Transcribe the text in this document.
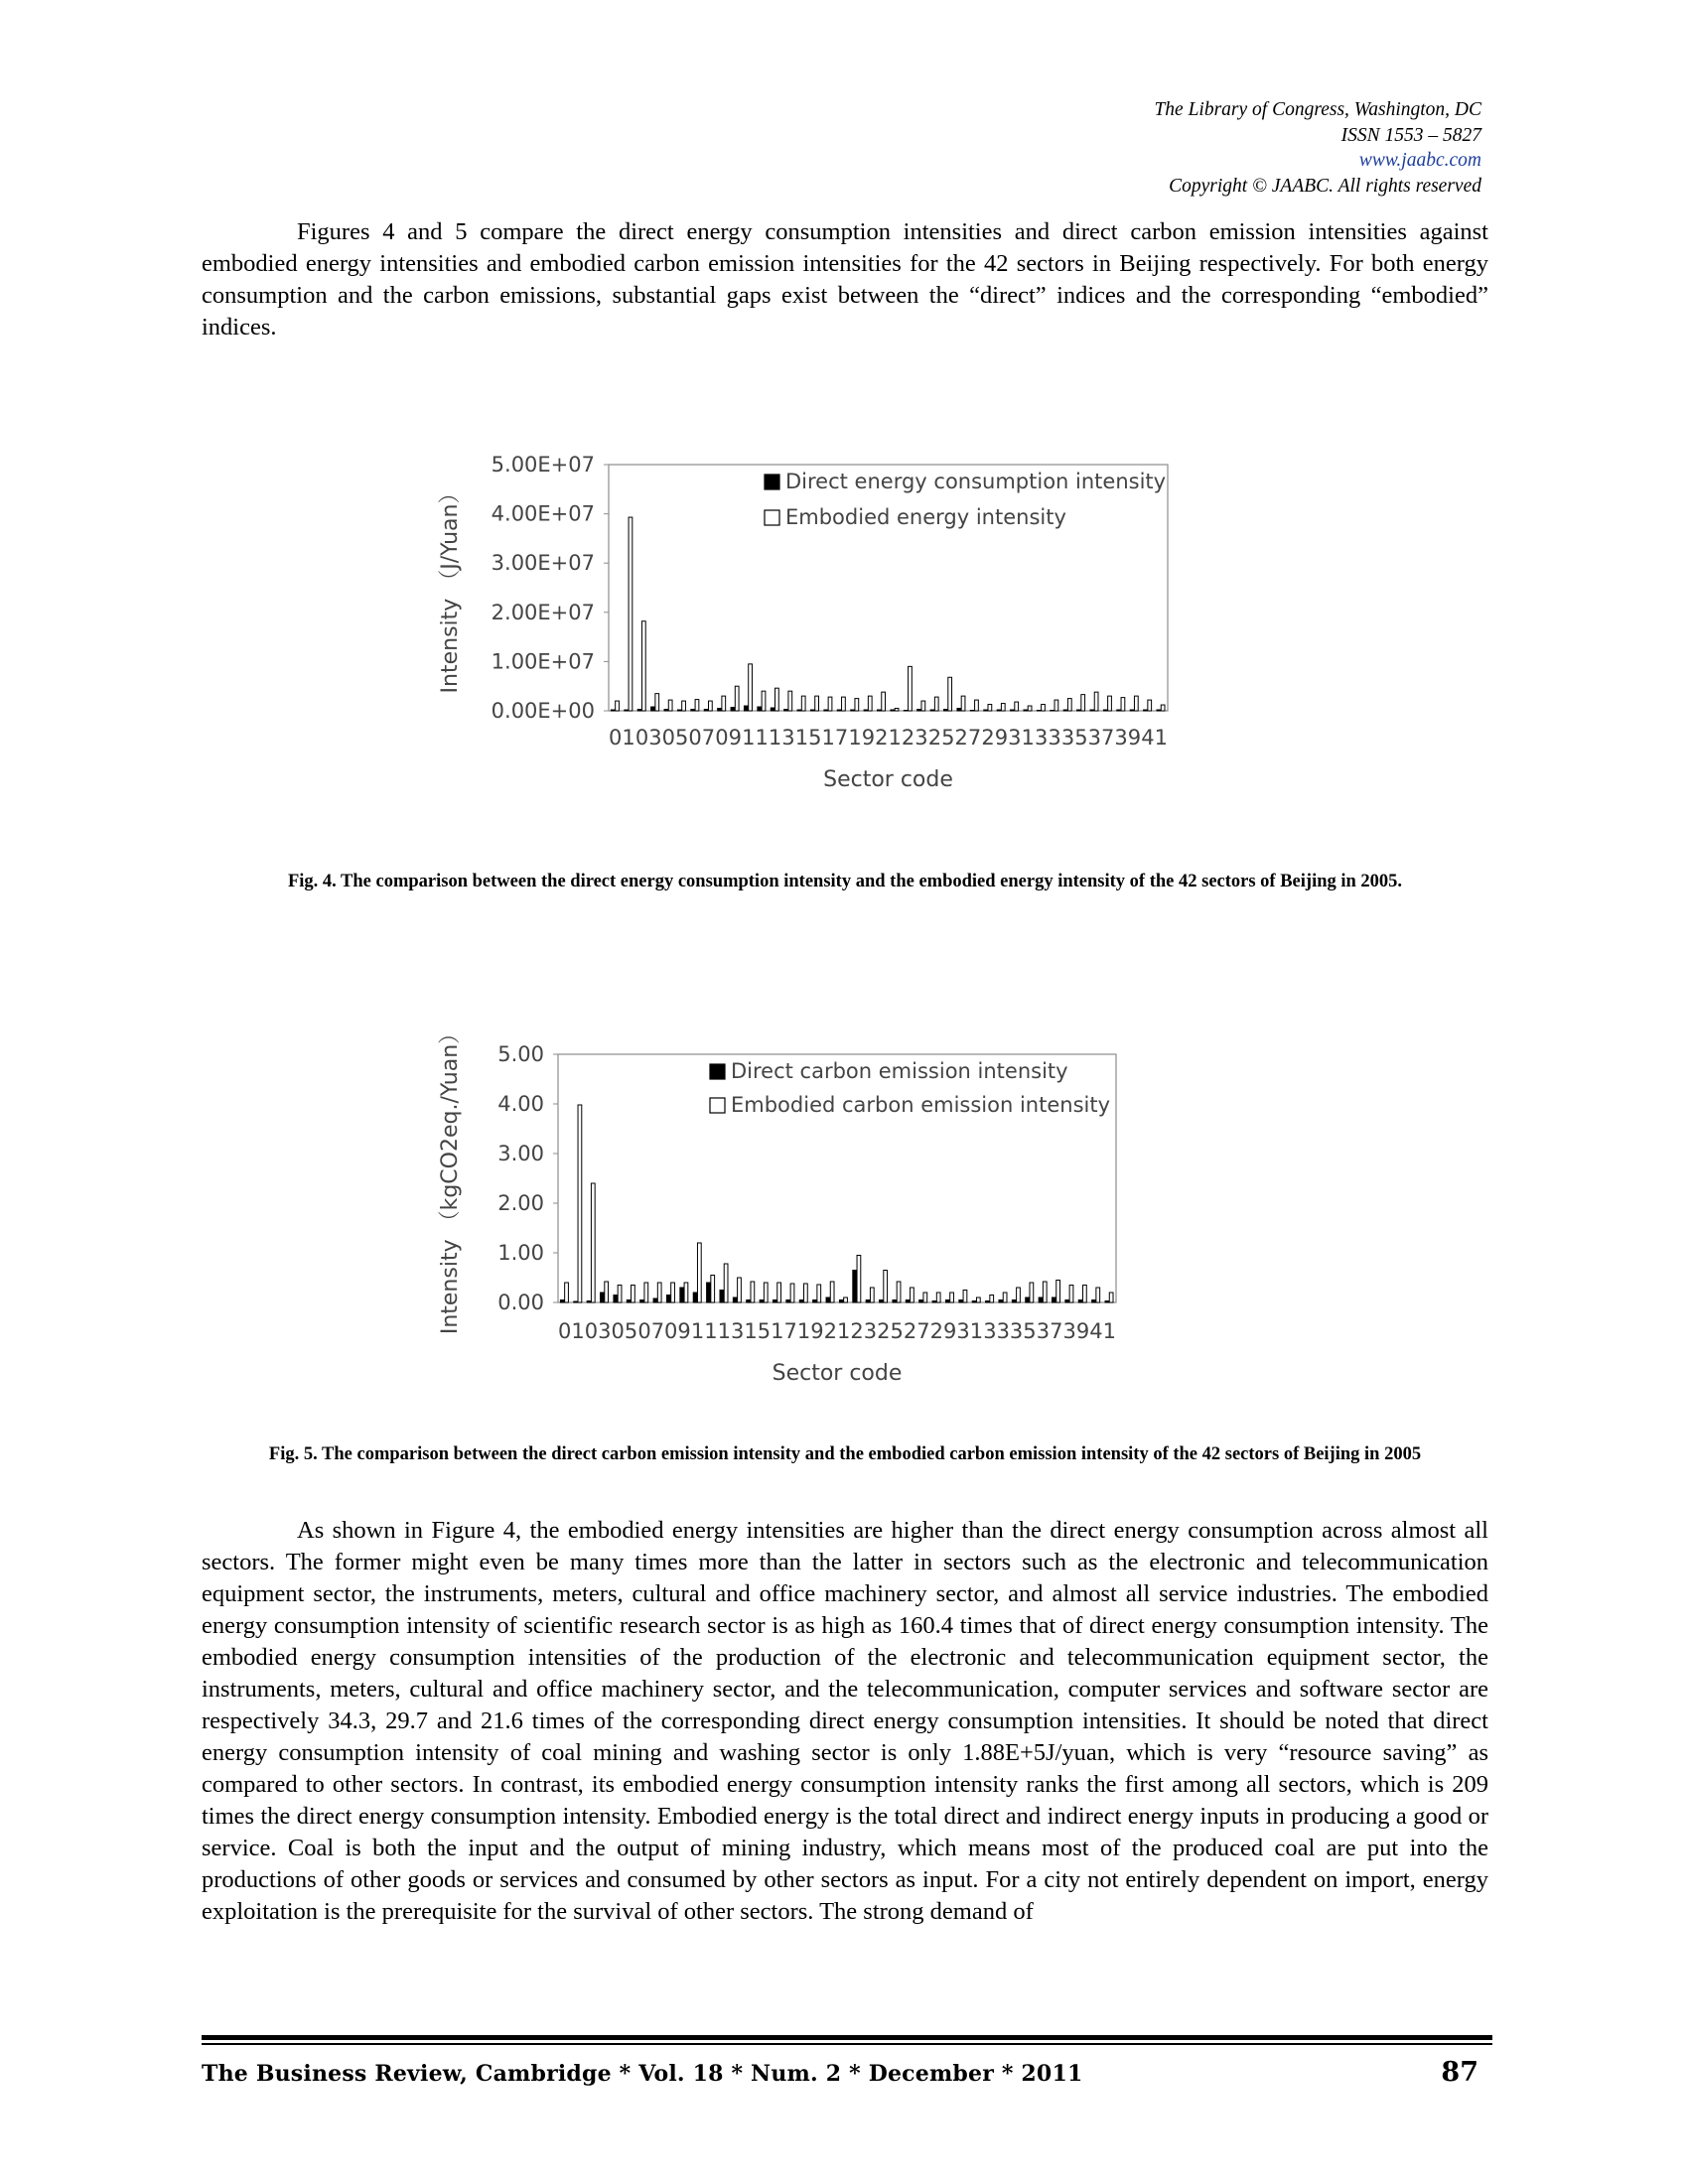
The Library of Congress, Washington, DC
ISSN 1553 – 5827
www.jaabc.com
Copyright © JAABC. All rights reserved
Figures 4 and 5 compare the direct energy consumption intensities and direct carbon emission intensities against embodied energy intensities and embodied carbon emission intensities for the 42 sectors in Beijing respectively. For both energy consumption and the carbon emissions, substantial gaps exist between the “direct” indices and the corresponding “embodied” indices.
0.00E+00
1.00E+07
2.00E+07
3.00E+07
4.00E+07
5.00E+07
01 03 05 07 09 11 13 15 17 19 21 23 25 27 29 31 33 35 37 39 41
Sector code
Intensity （J/Yuan）
Direct energy consumption intensity
Embodied energy intensity
Fig. 4. The comparison between the direct energy consumption intensity and the embodied energy intensity of the 42 sectors of Beijing in 2005.
0.00
1.00
2.00
3.00
4.00
5.00
01 03 05 07 09 11 13 15 17 19 21 23 25 27 29 31 33 35 37 39 41
Sector code
Intensity （kgCO2eq./Yuan）	Direct carbon emission intensity
Embodied carbon emission intensity
Fig. 5. The comparison between the direct carbon emission intensity and the embodied carbon emission intensity of the 42 sectors of Beijing in 2005
As shown in Figure 4, the embodied energy intensities are higher than the direct energy consumption across almost all sectors. The former might even be many times more than the latter in sectors such as the electronic and telecommunication equipment sector, the instruments, meters, cultural and office machinery sector, and almost all service industries. The embodied energy consumption intensity of scientific research sector is as high as 160.4 times that of direct energy consumption intensity. The embodied energy consumption intensities of the production of the electronic and telecommunication equipment sector, the instruments, meters, cultural and office machinery sector, and the telecommunication, computer services and software sector are respectively 34.3, 29.7 and 21.6 times of the corresponding direct energy consumption intensities. It should be noted that direct energy consumption intensity of coal mining and washing sector is only 1.88E+5J/yuan, which is very “resource saving” as compared to other sectors. In contrast, its embodied energy consumption intensity ranks the first among all sectors, which is 209 times the direct energy consumption intensity. Embodied energy is the total direct and indirect energy inputs in producing a good or service. Coal is both the input and the output of mining industry, which means most of the produced coal are put into the productions of other goods or services and consumed by other sectors as input. For a city not entirely dependent on import, energy exploitation is the prerequisite for the survival of other sectors. The strong demand of
The Business Review, Cambridge * Vol. 18 * Num. 2 * December * 2011	87
